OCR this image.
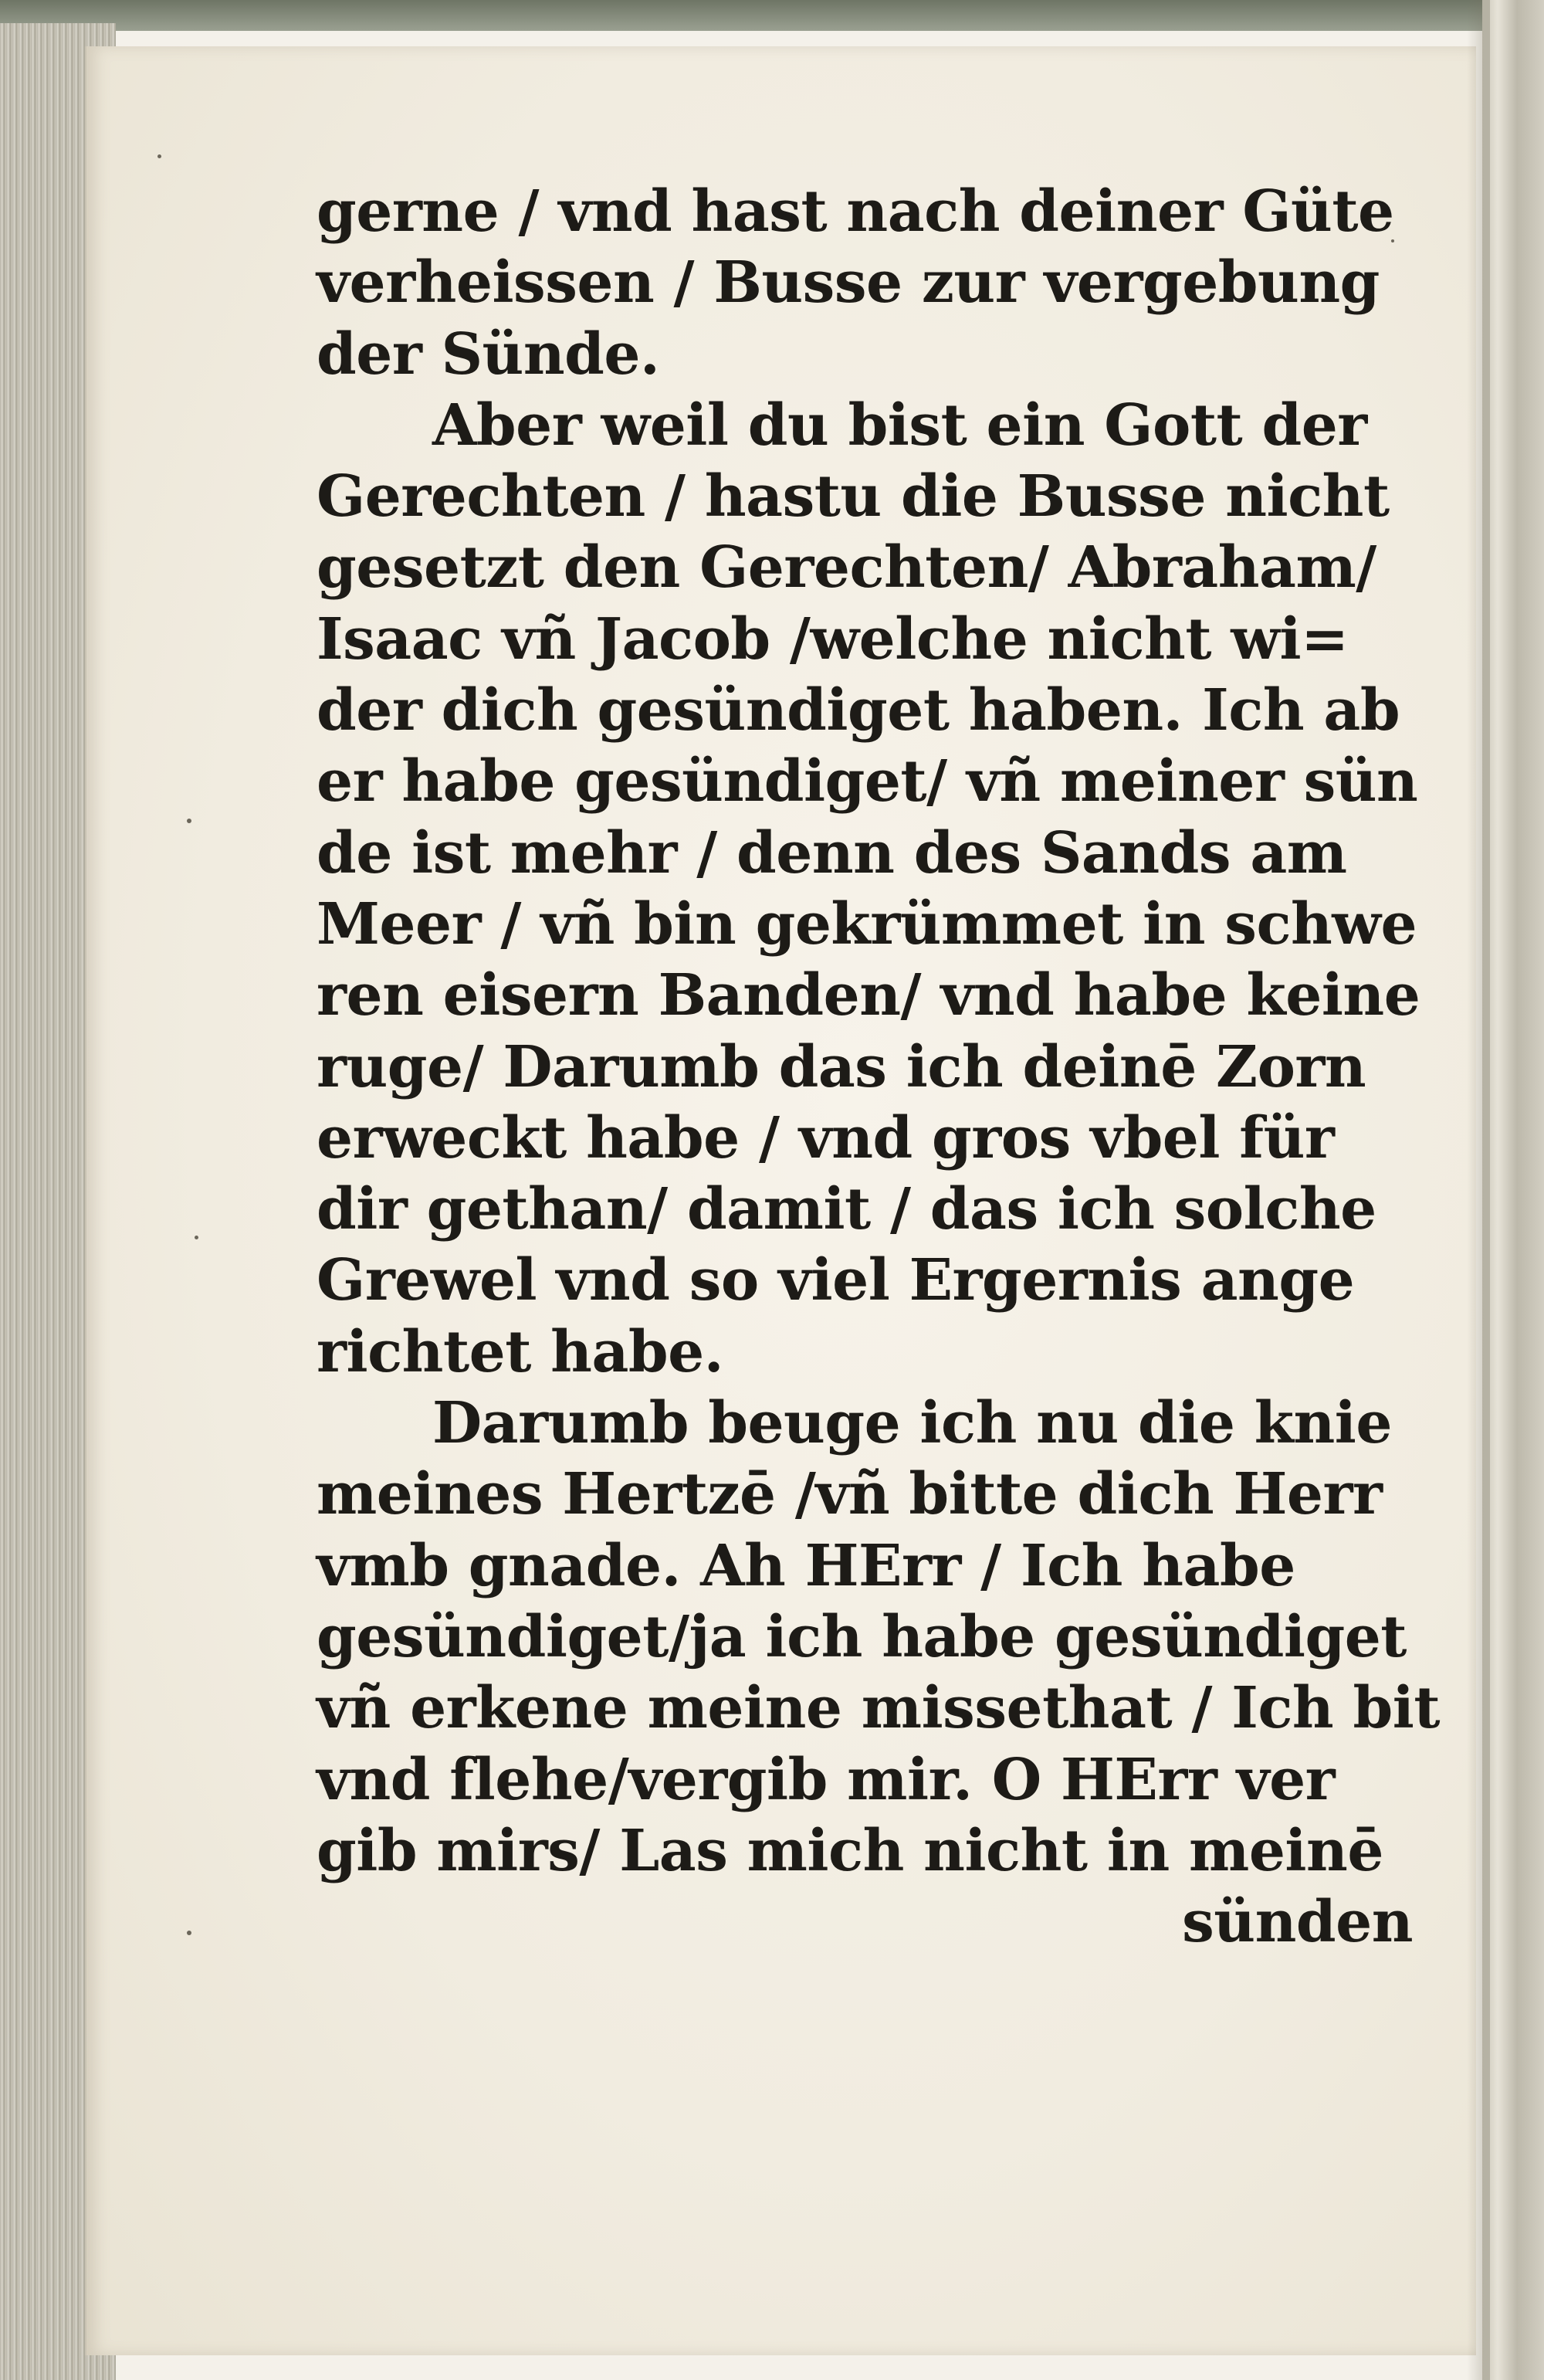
gerne / vnd hast nach deiner Güte
verheissen / Busse zur vergebung
der Sünde.
Aber weil du bist ein Gott der
Gerechten / hastu die Busse nicht
gesetzt den Gerechten/ Abraham/
Isaac vñ Jacob /welche nicht wi=
der dich gesündiget haben. Ich ab
er habe gesündiget/ vñ meiner sün
de ist mehr / denn des Sands am
Meer / vñ bin gekrümmet in schwe
ren eisern Banden/ vnd habe keine
ruge/ Darumb das ich deinē Zorn
erweckt habe / vnd gros vbel für
dir gethan/ damit / das ich solche
Grewel vnd so viel Ergernis ange
richtet habe.
Darumb beuge ich nu die knie
meines Hertzē /vñ bitte dich Herr
vmb gnade. Ah HErr / Ich habe
gesündiget/ja ich habe gesündiget
vñ erkene meine missethat / Ich bit
vnd flehe/vergib mir. O HErr ver
gib mirs/ Las mich nicht in meinē
sünden
